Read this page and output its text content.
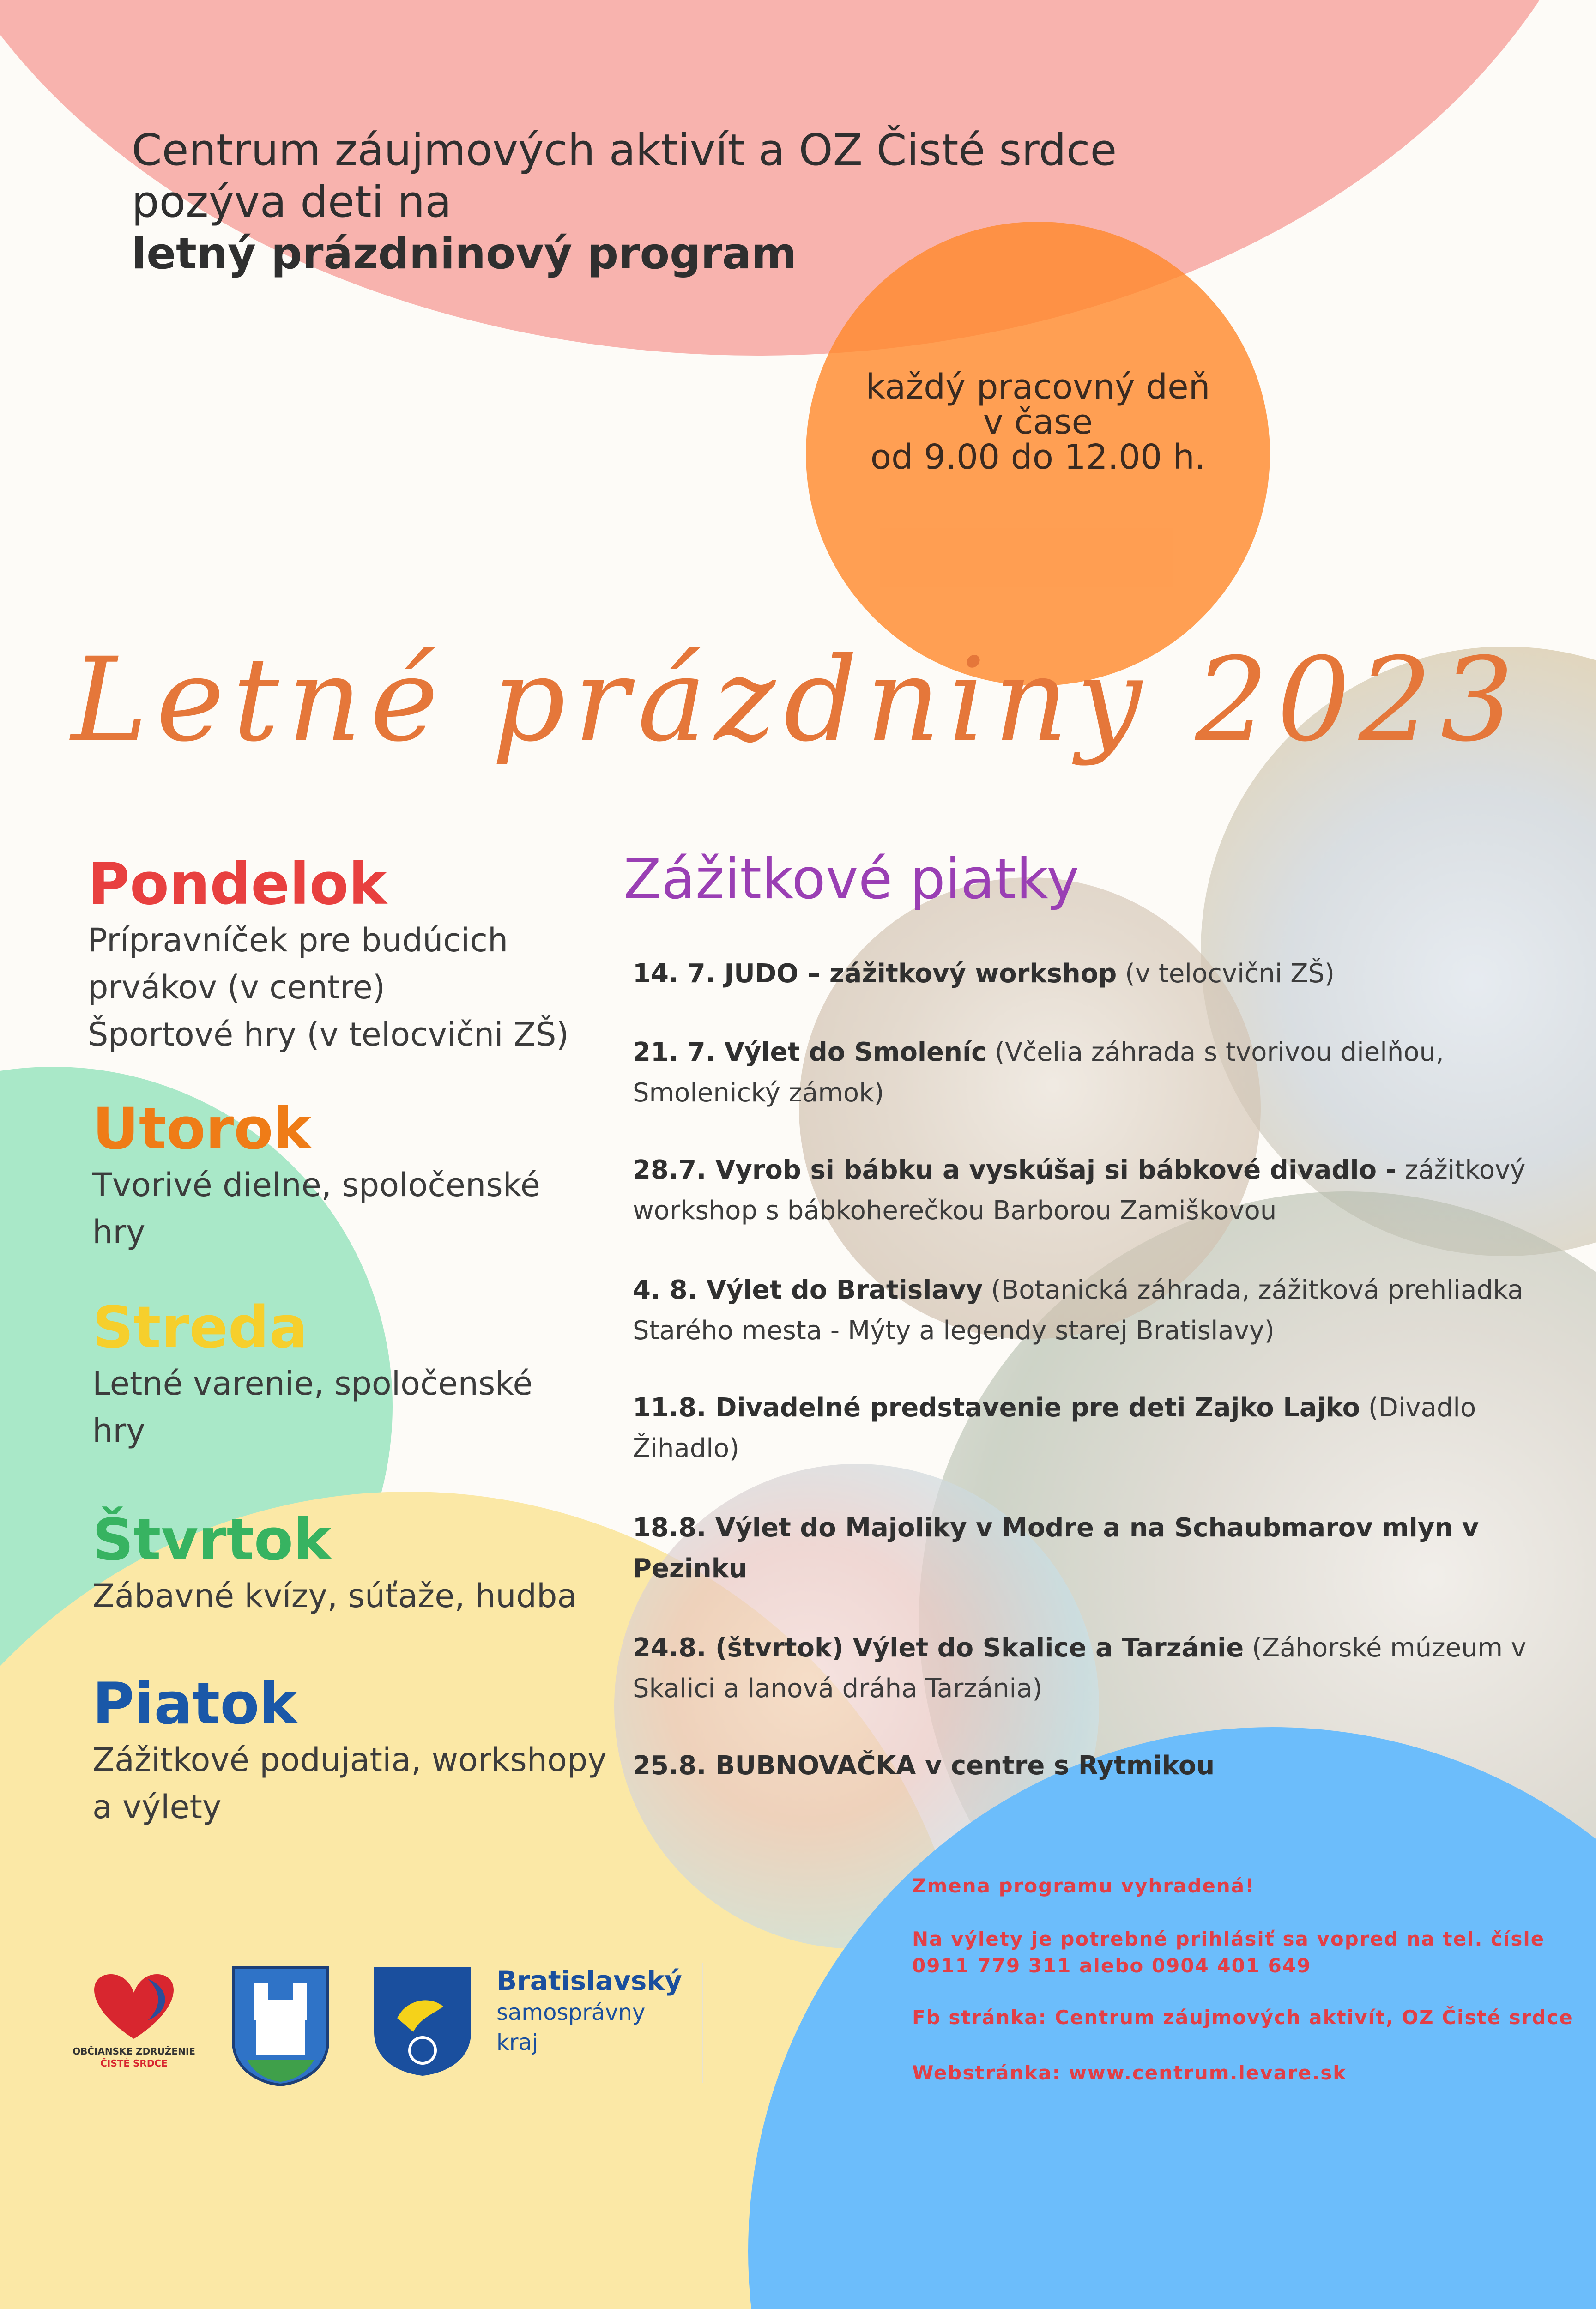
Centrum záujmových aktivít a OZ Čisté srdce
pozýva deti na
letný prázdninový program
každý pracovný deň
v čase
od 9.00 do 12.00 h.
Letné prázdniny 2023
Pondelok
Prípravníček pre budúcich
prvákov (v centre)
Športové hry (v telocvični ZŠ)
Utorok
Tvorivé dielne, spoločenské
hry
Streda
Letné varenie, spoločenské
hry
Štvrtok
Zábavné kvízy, súťaže, hudba
Piatok
Zážitkové podujatia, workshopy
a výlety
Zážitkové piatky
14. 7. JUDO – zážitkový workshop (v telocvični ZŠ)
21. 7. Výlet do Smoleníc (Včelia záhrada s tvorivou dielňou,
Smolenický zámok)
28.7. Vyrob si bábku a vyskúšaj si bábkové divadlo - zážitkový
workshop s bábkoherečkou Barborou Zamiškovou
4. 8. Výlet do Bratislavy (Botanická záhrada, zážitková prehliadka
Starého mesta - Mýty a legendy starej Bratislavy)
11.8. Divadelné predstavenie pre deti Zajko Lajko (Divadlo
Žihadlo)
18.8. Výlet do Majoliky v Modre a na Schaubmarov mlyn v
Pezinku
24.8. (štvrtok) Výlet do Skalice a Tarzánie (Záhorské múzeum v
Skalici a lanová dráha Tarzánia)
25.8. BUBNOVAČKA v centre s Rytmikou
Zmena programu vyhradená!
Na výlety je potrebné prihlásiť sa vopred na tel. čísle
0911 779 311 alebo 0904 401 649
Fb stránka: Centrum záujmových aktivít, OZ Čisté srdce
Webstránka: www.centrum.levare.sk
OBČIANSKE ZDRUŽENIE
ČISTÉ SRDCE
Bratislavský
samosprávny
kraj
